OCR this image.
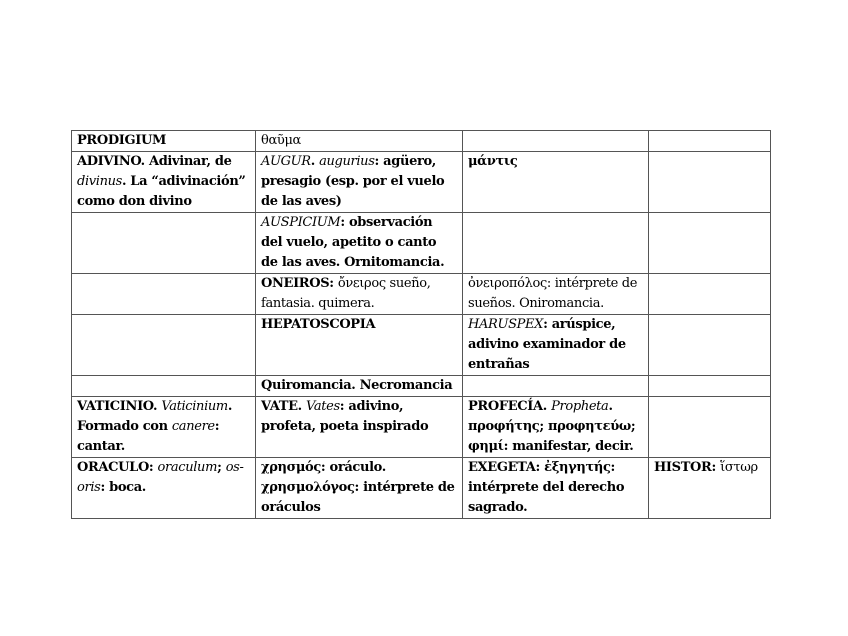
PRODIGIUM	θαῦμα		
ADIVINO. Adivinar, de divinus. La “adivinación” como don divino	AUGUR. augurius: agüero, presagio (esp. por el vuelo de las aves)	μάντις	
	AUSPICIUM: observación del vuelo, apetito o canto de las aves. Ornitomancia.		
	ONEIROS: ὄνειρος sueño, fantasia. quimera.	ὀνειροπόλος: intérprete de sueños. Oniromancia.	
	HEPATOSCOPIA	HARUSPEX: arúspice, adivino examinador de entrañas	
	Quiromancia. Necromancia		
VATICINIO. Vaticinium. Formado con canere: cantar.	VATE. Vates: adivino, profeta, poeta inspirado	PROFECÍA. Propheta. προφήτης; προφητεύω; φημί: manifestar, decir.	
ORACULO: oraculum; os-oris: boca.	χρησμός: oráculo. χρησμολόγος: intérprete de oráculos	EXEGETA: ἐξηγητής: intérprete del derecho sagrado.	HISTOR: ἵστωρ
